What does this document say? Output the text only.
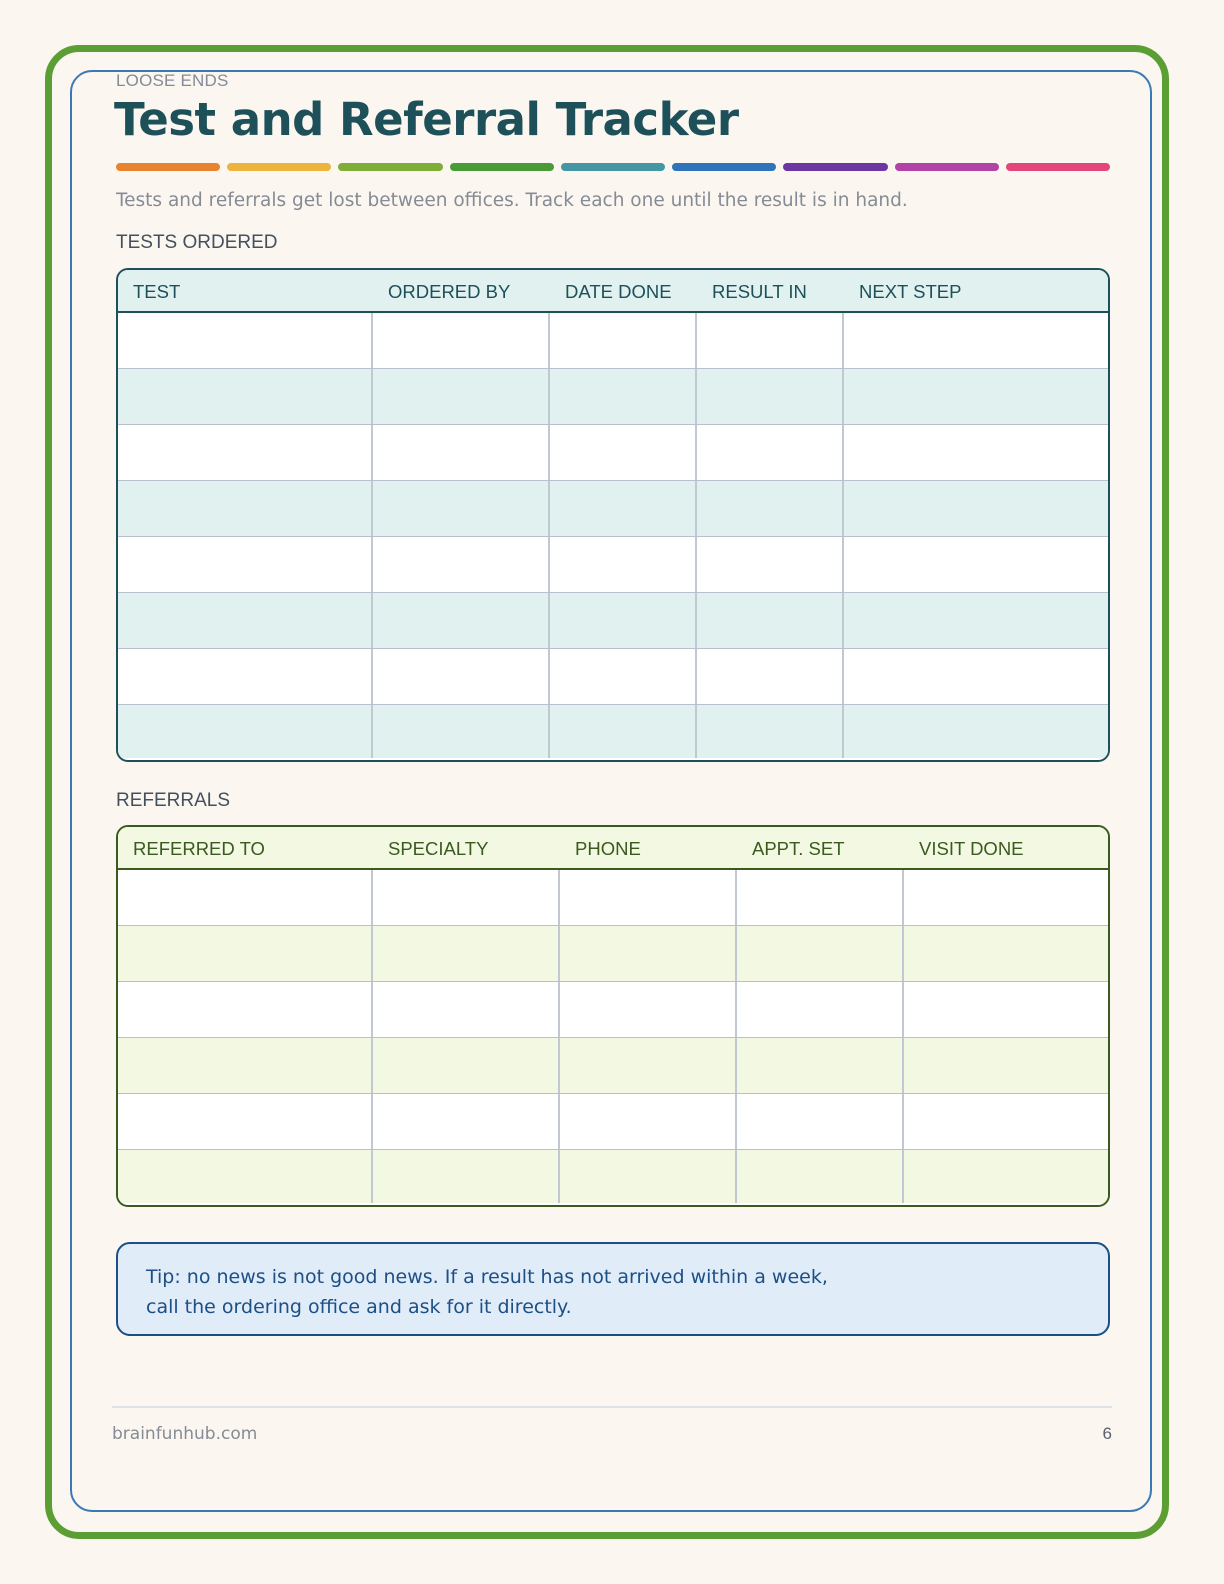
LOOSE ENDS
Test and Referral Tracker
Tests and referrals get lost between offices. Track each one until the result is in hand.
TESTS ORDERED
TEST	ORDERED BY	DATE DONE	RESULT IN	NEXT STEP
REFERRALS
REFERRED TO	SPECIALTY	PHONE	APPT. SET	VISIT DONE
Tip: no news is not good news. If a result has not arrived within a week,
call the ordering office and ask for it directly.
brainfunhub.com	6
